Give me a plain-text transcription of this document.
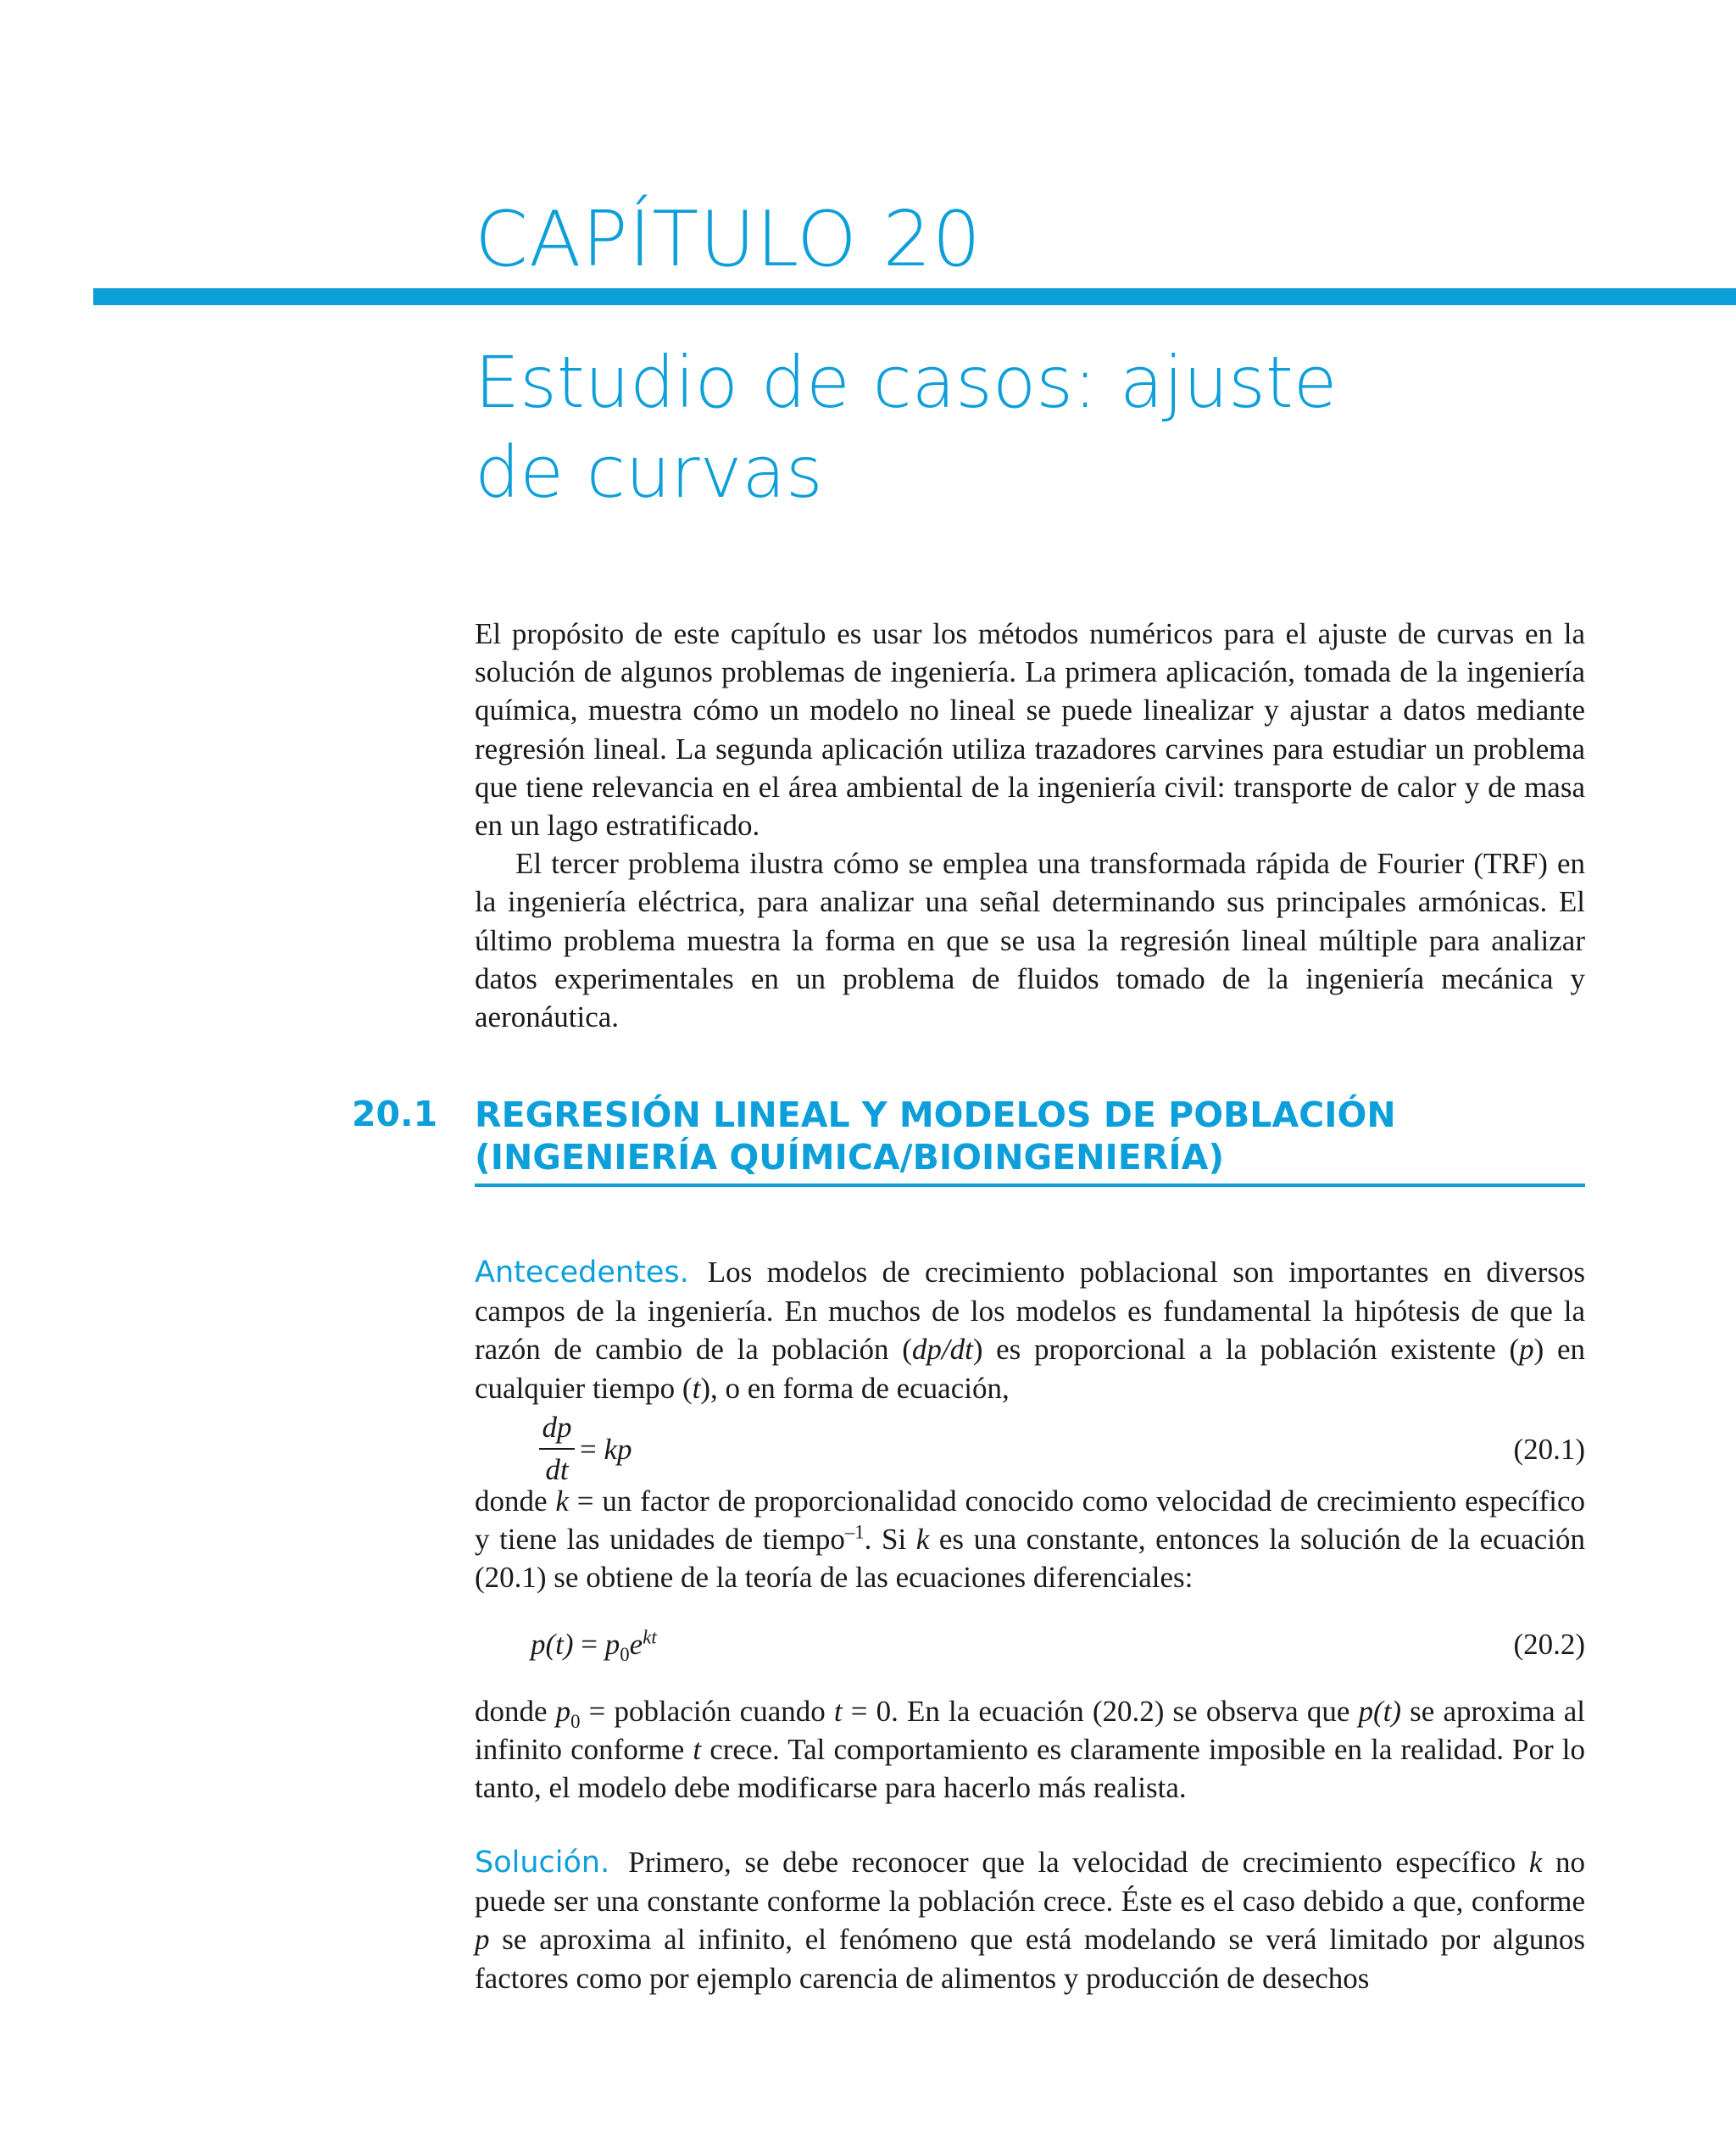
CAPÍTULO 20
Estudio de casos: ajuste
de curvas

El propósito de este capítulo es usar los métodos numéricos para el ajuste de curvas en la solución de algunos problemas de ingeniería. La primera aplicación, tomada de la ingeniería química, muestra cómo un modelo no lineal se puede linealizar y ajustar a datos mediante regresión lineal. La segunda aplicación utiliza trazadores carvines para estudiar un problema que tiene relevancia en el área ambiental de la ingeniería civil: transporte de calor y de masa en un lago estratificado.

El tercer problema ilustra cómo se emplea una transformada rápida de Fourier (TRF) en la ingeniería eléctrica, para analizar una señal determinando sus principales armónicas. El último problema muestra la forma en que se usa la regresión lineal múltiple para analizar datos experimentales en un problema de fluidos tomado de la ingeniería mecánica y aeronáutica.

20.1 REGRESIÓN LINEAL Y MODELOS DE POBLACIÓN
(INGENIERÍA QUÍMICA/BIOINGENIERÍA)

Antecedentes. Los modelos de crecimiento poblacional son importantes en diversos campos de la ingeniería. En muchos de los modelos es fundamental la hipótesis de que la razón de cambio de la población (dp/dt) es proporcional a la población existente (p) en cualquier tiempo (t), o en forma de ecuación,

$\frac{dp}{dt}$
= kp	(20.1)

donde k = un factor de proporcionalidad conocido como velocidad de crecimiento específico y tiene las unidades de tiempo$^{-1}$. Si k es una constante, entonces la solución de la ecuación (20.1) se obtiene de la teoría de las ecuaciones diferenciales:

$p(t) = p_0e^{kt}$	(20.2)

donde $p_0$ = población cuando t = 0. En la ecuación (20.2) se observa que p(t) se aproxima al infinito conforme t crece. Tal comportamiento es claramente imposible en la realidad. Por lo tanto, el modelo debe modificarse para hacerlo más realista.

Solución. Primero, se debe reconocer que la velocidad de crecimiento específico k no puede ser una constante conforme la población crece. Éste es el caso debido a que, conforme p se aproxima al infinito, el fenómeno que está modelando se verá limitado por algunos factores como por ejemplo carencia de alimentos y producción de desechos
